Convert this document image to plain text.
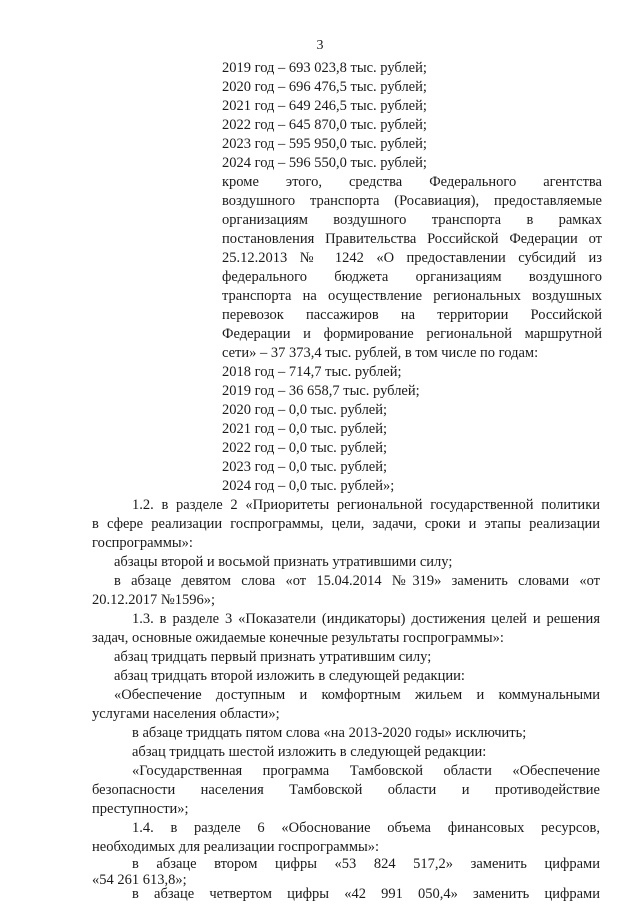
3
2019 год – 693 023,8 тыс. рублей;
2020 год – 696 476,5 тыс. рублей;
2021 год – 649 246,5 тыс. рублей;
2022 год – 645 870,0 тыс. рублей;
2023 год – 595 950,0 тыс. рублей;
2024 год – 596 550,0 тыс. рублей;
кроме этого, средства Федерального агентства
воздушного транспорта (Росавиация), предоставляемые
организациям воздушного транспорта в рамках
постановления Правительства Российской Федерации от
25.12.2013 № 1242 «О предоставлении субсидий из
федерального бюджета организациям воздушного
транспорта на осуществление региональных воздушных
перевозок пассажиров на территории Российской
Федерации и формирование региональной маршрутной
сети» – 37 373,4 тыс. рублей, в том числе по годам:
2018 год – 714,7 тыс. рублей;
2019 год – 36 658,7 тыс. рублей;
2020 год – 0,0 тыс. рублей;
2021 год – 0,0 тыс. рублей;
2022 год – 0,0 тыс. рублей;
2023 год – 0,0 тыс. рублей;
2024 год – 0,0 тыс. рублей»;
1.2. в разделе 2 «Приоритеты региональной государственной политики
в сфере реализации госпрограммы, цели, задачи, сроки и этапы реализации
госпрограммы»:
абзацы второй и восьмой признать утратившими силу;
в абзаце девятом слова «от 15.04.2014 №319» заменить словами «от
20.12.2017 №1596»;
1.3. в разделе 3 «Показатели (индикаторы) достижения целей и решения
задач, основные ожидаемые конечные результаты госпрограммы»:
абзац тридцать первый признать утратившим силу;
абзац тридцать второй изложить в следующей редакции:
«Обеспечение доступным и комфортным жильем и коммунальными
услугами населения области»;
в абзаце тридцать пятом слова «на 2013-2020 годы» исключить;
абзац тридцать шестой изложить в следующей редакции:
«Государственная программа Тамбовской области «Обеспечение
безопасности населения Тамбовской области и противодействие
преступности»;
1.4. в разделе 6 «Обоснование объема финансовых ресурсов,
необходимых для реализации госпрограммы»:
в абзаце втором цифры «53 824 517,2» заменить цифрами
«54 261 613,8»;
в абзаце четвертом цифры «42 991 050,4» заменить цифрами
